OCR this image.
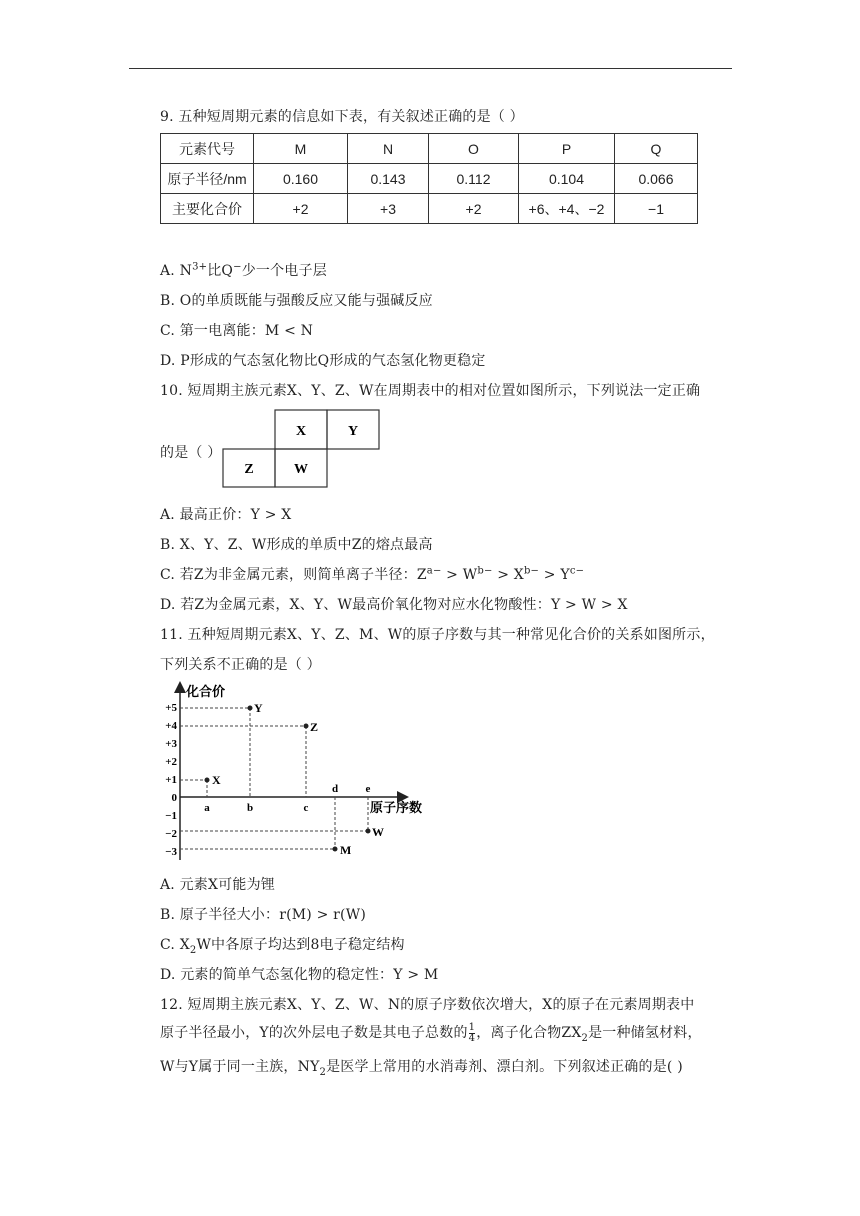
9. 五种短周期元素的信息如下表，有关叙述正确的是（ ）
元素代号	M	N	O	P	Q
原子半径/nm	0.160	0.143	0.112	0.104	0.066
主要化合价	+2	+3	+2	+6、+4、−2	−1
A. $N^{3+}$比Q−少一个电子层
B. O的单质既能与强酸反应又能与强碱反应
C. 第一电离能：M < N
D. P形成的气态氢化物比Q形成的气态氢化物更稳定
10. 短周期主族元素X、Y、Z、W在周期表中的相对位置如图所示，下列说法一定正确
的是（ ）
X	Y
Z	W
A. 最高正价：Y > X
B. X、Y、Z、W形成的单质中Z的熔点最高
C. 若Z为非金属元素，则简单离子半径：$Z^{a-} > W^{b-} > X^{b-} > Y^{c-}$
D. 若Z为金属元素，X、Y、W最高价氧化物对应水化物酸性：Y > W > X
11. 五种短周期元素X、Y、Z、M、W的原子序数与其一种常见化合价的关系如图所示，
下列关系不正确的是（ ）
化合价
原子序数
+5
+4
+3
+2
+1
0
−1
−2
−3
X
Y
Z
W
M
a	b	c
d e
A. 元素X可能为锂
B. 原子半径大小：r(M) > r(W)
C. $X_2W$中各原子均达到8电子稳定结构
D. 元素的简单气态氢化物的稳定性：Y > M
12. 短周期主族元素X、Y、Z、W、N的原子序数依次增大，X的原子在元素周期表中
原子半径最小，Y的次外层电子数是其电子总数的 $\frac{1}{4}$ ，离子化合物$ZX_2$是一种储氢材料，
W与Y属于同一主族，$NY_2$是医学上常用的水消毒剂、漂白剂。下列叙述正确的是( )
